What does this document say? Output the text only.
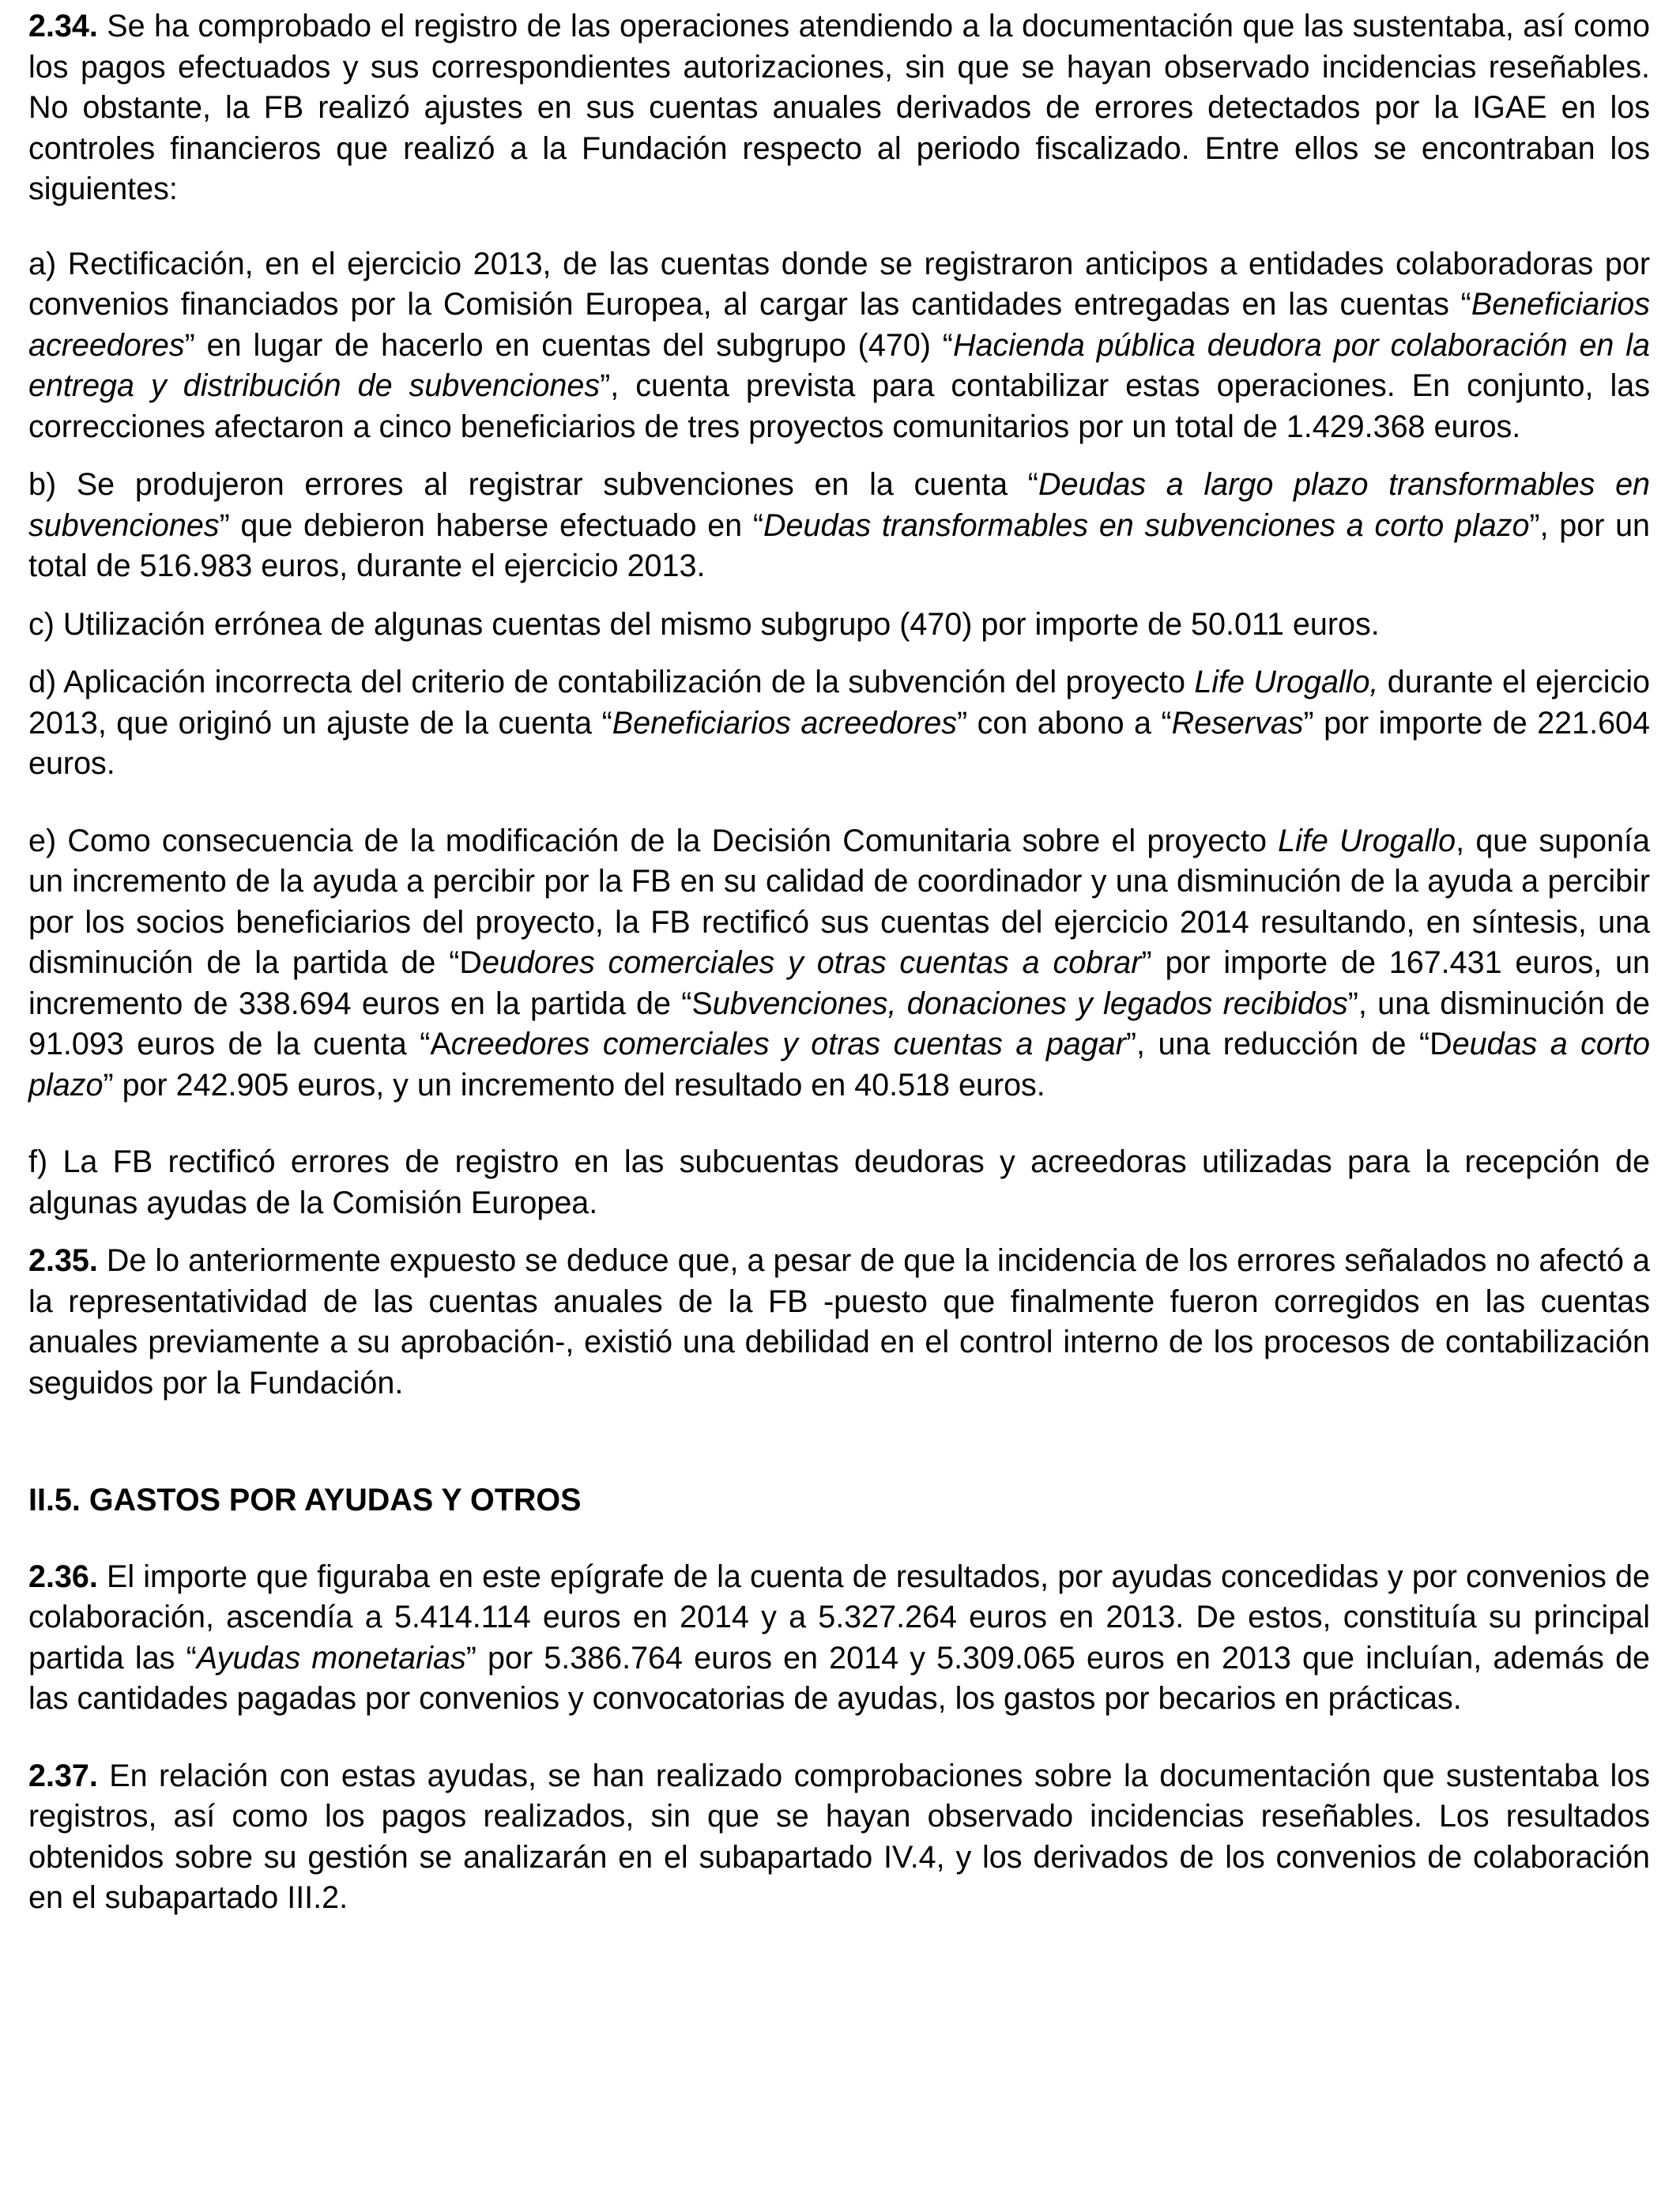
2.34. Se ha comprobado el registro de las operaciones atendiendo a la documentación que las sustentaba, así como los pagos efectuados y sus correspondientes autorizaciones, sin que se hayan observado incidencias reseñables. No obstante, la FB realizó ajustes en sus cuentas anuales derivados de errores detectados por la IGAE en los controles financieros que realizó a la Fundación respecto al periodo fiscalizado. Entre ellos se encontraban los siguientes:

a) Rectificación, en el ejercicio 2013, de las cuentas donde se registraron anticipos a entidades colaboradoras por convenios financiados por la Comisión Europea, al cargar las cantidades entregadas en las cuentas “Beneficiarios acreedores” en lugar de hacerlo en cuentas del subgrupo (470) “Hacienda pública deudora por colaboración en la entrega y distribución de subvenciones”, cuenta prevista para contabilizar estas operaciones. En conjunto, las correcciones afectaron a cinco beneficiarios de tres proyectos comunitarios por un total de 1.429.368 euros.

b) Se produjeron errores al registrar subvenciones en la cuenta “Deudas a largo plazo transformables en subvenciones” que debieron haberse efectuado en “Deudas transformables en subvenciones a corto plazo”, por un total de 516.983 euros, durante el ejercicio 2013.

c) Utilización errónea de algunas cuentas del mismo subgrupo (470) por importe de 50.011 euros.

d) Aplicación incorrecta del criterio de contabilización de la subvención del proyecto Life Urogallo, durante el ejercicio 2013, que originó un ajuste de la cuenta “Beneficiarios acreedores” con abono a “Reservas” por importe de 221.604 euros.

e) Como consecuencia de la modificación de la Decisión Comunitaria sobre el proyecto Life Urogallo, que suponía un incremento de la ayuda a percibir por la FB en su calidad de coordinador y una disminución de la ayuda a percibir por los socios beneficiarios del proyecto, la FB rectificó sus cuentas del ejercicio 2014 resultando, en síntesis, una disminución de la partida de “Deudores comerciales y otras cuentas a cobrar” por importe de 167.431 euros, un incremento de 338.694 euros en la partida de “Subvenciones, donaciones y legados recibidos”, una disminución de 91.093 euros de la cuenta “Acreedores comerciales y otras cuentas a pagar”, una reducción de “Deudas a corto plazo” por 242.905 euros, y un incremento del resultado en 40.518 euros.

f) La FB rectificó errores de registro en las subcuentas deudoras y acreedoras utilizadas para la recepción de algunas ayudas de la Comisión Europea.

2.35. De lo anteriormente expuesto se deduce que, a pesar de que la incidencia de los errores señalados no afectó a la representatividad de las cuentas anuales de la FB -puesto que finalmente fueron corregidos en las cuentas anuales previamente a su aprobación-, existió una debilidad en el control interno de los procesos de contabilización seguidos por la Fundación.

II.5. GASTOS POR AYUDAS Y OTROS

2.36. El importe que figuraba en este epígrafe de la cuenta de resultados, por ayudas concedidas y por convenios de colaboración, ascendía a 5.414.114 euros en 2014 y a 5.327.264 euros en 2013. De estos, constituía su principal partida las “Ayudas monetarias” por 5.386.764 euros en 2014 y 5.309.065 euros en 2013 que incluían, además de las cantidades pagadas por convenios y convocatorias de ayudas, los gastos por becarios en prácticas.

2.37. En relación con estas ayudas, se han realizado comprobaciones sobre la documentación que sustentaba los registros, así como los pagos realizados, sin que se hayan observado incidencias reseñables. Los resultados obtenidos sobre su gestión se analizarán en el subapartado IV.4, y los derivados de los convenios de colaboración en el subapartado III.2.
